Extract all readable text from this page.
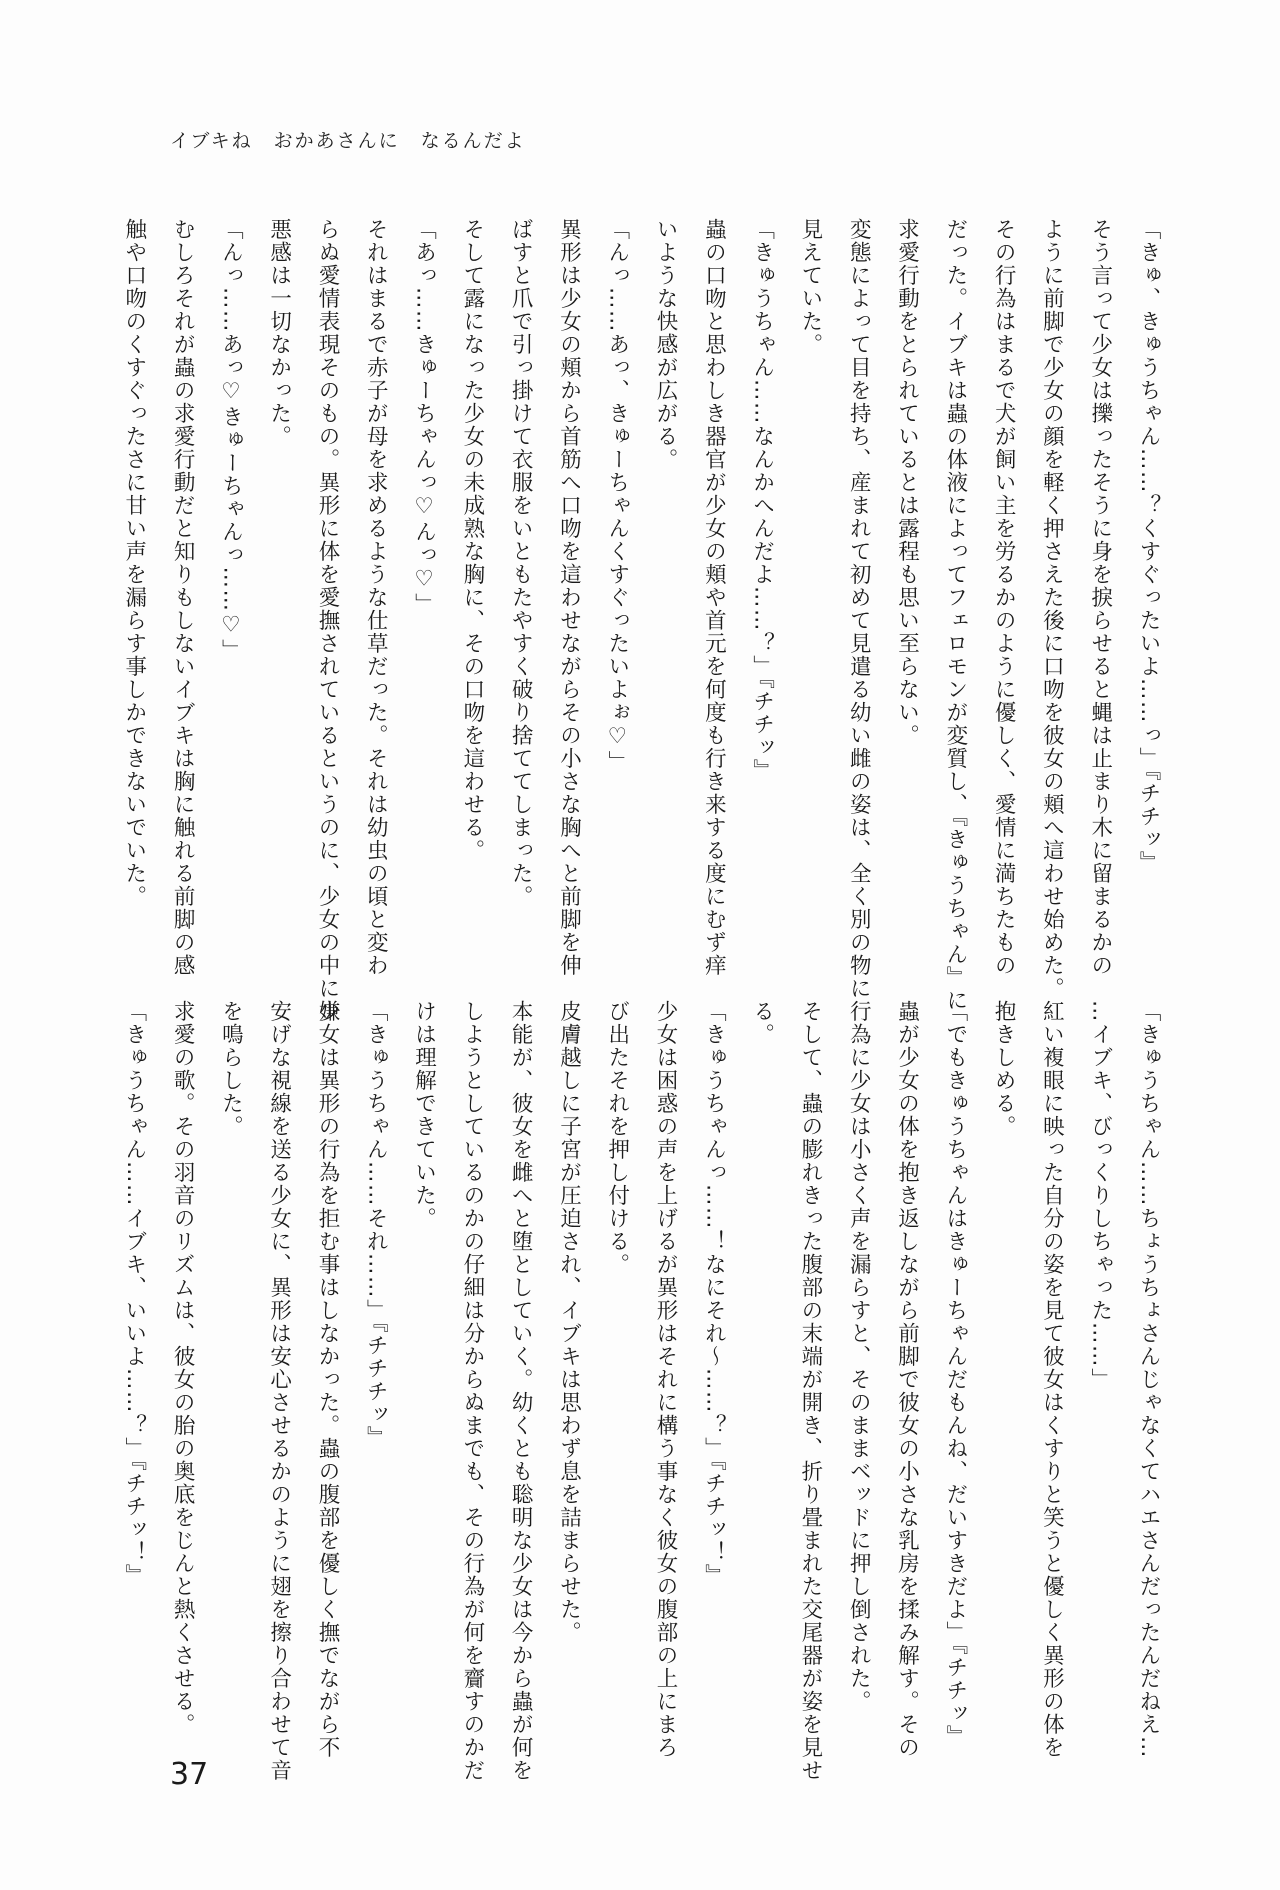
イブキね　おかあさんに　なるんだよ
「きゅ、きゅうちゃん……？くすぐったいよ……っ」『チチッ』
そう言って少女は擽ったそうに身を捩らせると蝿は止まり木に留まるかの
ように前脚で少女の顔を軽く押さえた後に口吻を彼女の頬へ這わせ始めた。
その行為はまるで犬が飼い主を労るかのように優しく、愛情に満ちたもの
だった。イブキは蟲の体液によってフェロモンが変質し、『きゅうちゃん』に
求愛行動をとられているとは露程も思い至らない。
変態によって目を持ち、産まれて初めて見遣る幼い雌の姿は、全く別の物に
見えていた。
「きゅうちゃん……なんかへんだよ……？」『チチッ』
蟲の口吻と思わしき器官が少女の頬や首元を何度も行き来する度にむず痒
いような快感が広がる。
「んっ……あっ、きゅーちゃんくすぐったいよぉ♡」
異形は少女の頬から首筋へ口吻を這わせながらその小さな胸へと前脚を伸
ばすと爪で引っ掛けて衣服をいともたやすく破り捨ててしまった。
そして露になった少女の未成熟な胸に、その口吻を這わせる。
「あっ……きゅーちゃんっ♡んっ♡」
それはまるで赤子が母を求めるような仕草だった。それは幼虫の頃と変わ
らぬ愛情表現そのもの。異形に体を愛撫されているというのに、少女の中に嫌
悪感は一切なかった。
「んっ……あっ♡きゅーちゃんっ……♡」
むしろそれが蟲の求愛行動だと知りもしないイブキは胸に触れる前脚の感
触や口吻のくすぐったさに甘い声を漏らす事しかできないでいた。
「きゅうちゃん……ちょうちょさんじゃなくてハエさんだったんだねえ…
…イブキ、びっくりしちゃった……」
紅い複眼に映った自分の姿を見て彼女はくすりと笑うと優しく異形の体を
抱きしめる。
「でもきゅうちゃんはきゅーちゃんだもんね、だいすきだよ」『チチッ』
蟲が少女の体を抱き返しながら前脚で彼女の小さな乳房を揉み解す。その
行為に少女は小さく声を漏らすと、そのままベッドに押し倒された。
そして、蟲の膨れきった腹部の末端が開き、折り畳まれた交尾器が姿を見せ
る。
「きゅうちゃんっ……！なにそれ～……？」『チチッ！』
少女は困惑の声を上げるが異形はそれに構う事なく彼女の腹部の上にまろ
び出たそれを押し付ける。
皮膚越しに子宮が圧迫され、イブキは思わず息を詰まらせた。
本能が、彼女を雌へと堕としていく。幼くとも聡明な少女は今から蟲が何を
しようとしているのかの仔細は分からぬまでも、その行為が何を齎すのかだ
けは理解できていた。
「きゅうちゃん……それ……」『チチチッ』
少女は異形の行為を拒む事はしなかった。蟲の腹部を優しく撫でながら不
安げな視線を送る少女に、異形は安心させるかのように翅を擦り合わせて音
を鳴らした。
求愛の歌。その羽音のリズムは、彼女の胎の奥底をじんと熱くさせる。
「きゅうちゃん……イブキ、いいよ……？」『チチッ！』
37
